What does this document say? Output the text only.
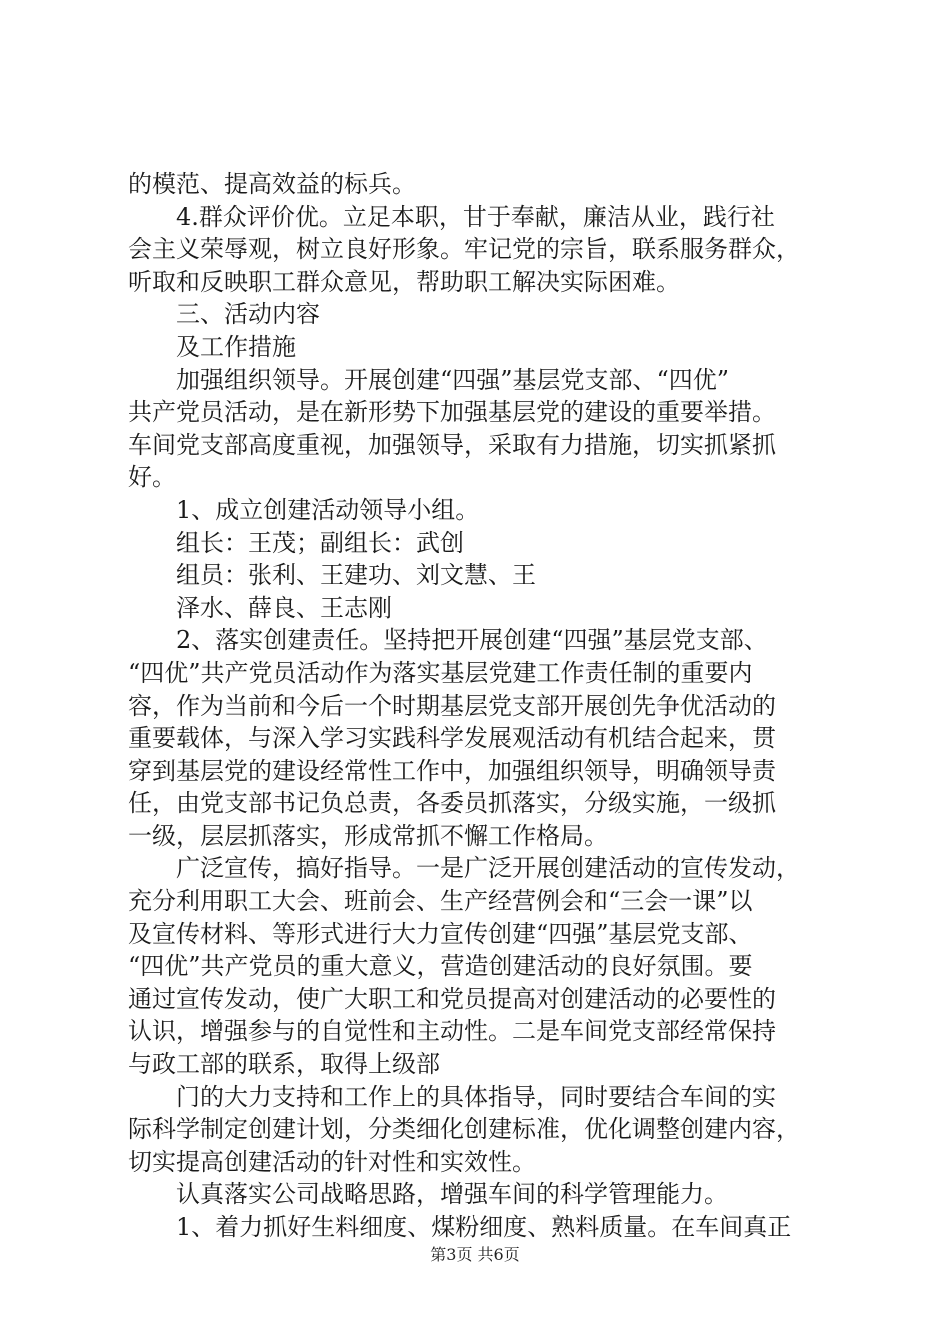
的模范、提高效益的标兵。
4.群众评价优。立足本职，甘于奉献，廉洁从业，践行社
会主义荣辱观，树立良好形象。牢记党的宗旨，联系服务群众，
听取和反映职工群众意见，帮助职工解决实际困难。
三、活动内容
及工作措施
加强组织领导。开展创建“四强”基层党支部、“四优”
共产党员活动，是在新形势下加强基层党的建设的重要举措。
车间党支部高度重视，加强领导，采取有力措施，切实抓紧抓
好。
1、成立创建活动领导小组。
组长：王茂；副组长：武创
组员：张利、王建功、刘文慧、王
泽水、薛良、王志刚
2、落实创建责任。坚持把开展创建“四强”基层党支部、
“四优”共产党员活动作为落实基层党建工作责任制的重要内
容，作为当前和今后一个时期基层党支部开展创先争优活动的
重要载体，与深入学习实践科学发展观活动有机结合起来，贯
穿到基层党的建设经常性工作中，加强组织领导，明确领导责
任，由党支部书记负总责，各委员抓落实，分级实施，一级抓
一级，层层抓落实，形成常抓不懈工作格局。
广泛宣传，搞好指导。一是广泛开展创建活动的宣传发动，
充分利用职工大会、班前会、生产经营例会和“三会一课”以
及宣传材料、等形式进行大力宣传创建“四强”基层党支部、
“四优”共产党员的重大意义，营造创建活动的良好氛围。要
通过宣传发动，使广大职工和党员提高对创建活动的必要性的
认识，增强参与的自觉性和主动性。二是车间党支部经常保持
与政工部的联系，取得上级部
门的大力支持和工作上的具体指导，同时要结合车间的实
际科学制定创建计划，分类细化创建标准，优化调整创建内容，
切实提高创建活动的针对性和实效性。
认真落实公司战略思路，增强车间的科学管理能力。
1、着力抓好生料细度、煤粉细度、熟料质量。在车间真正
第3页 共6页
